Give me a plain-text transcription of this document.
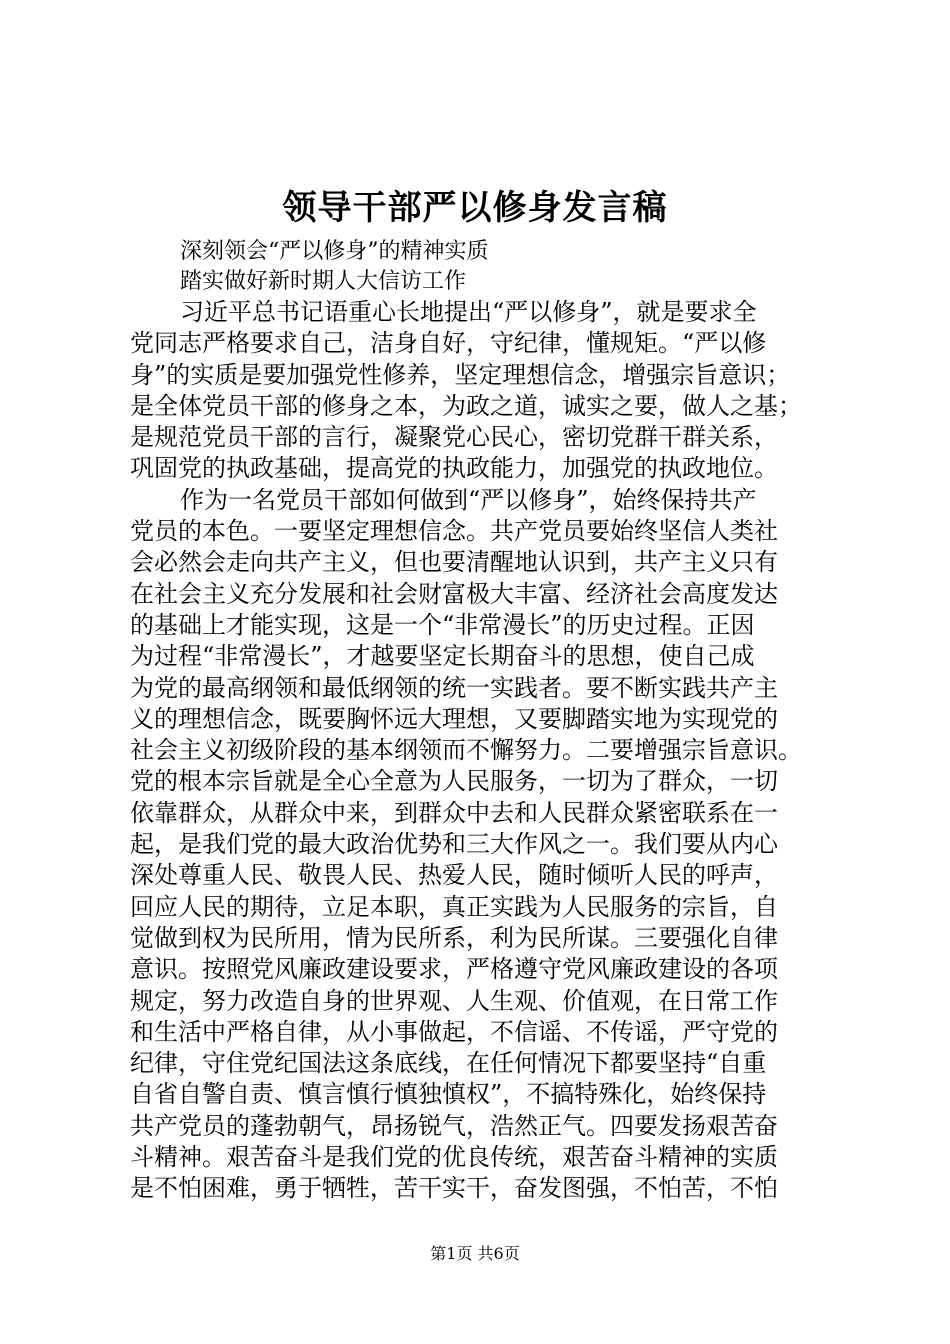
领导干部严以修身发言稿
深刻领会“严以修身”的精神实质
踏实做好新时期人大信访工作
习近平总书记语重心长地提出“严以修身”，就是要求全
党同志严格要求自己，洁身自好，守纪律，懂规矩。“严以修
身”的实质是要加强党性修养，坚定理想信念，增强宗旨意识；
是全体党员干部的修身之本，为政之道，诚实之要，做人之基；
是规范党员干部的言行，凝聚党心民心，密切党群干群关系，
巩固党的执政基础，提高党的执政能力，加强党的执政地位。
作为一名党员干部如何做到“严以修身”，始终保持共产
党员的本色。一要坚定理想信念。共产党员要始终坚信人类社
会必然会走向共产主义，但也要清醒地认识到，共产主义只有
在社会主义充分发展和社会财富极大丰富、经济社会高度发达
的基础上才能实现，这是一个“非常漫长”的历史过程。正因
为过程“非常漫长”，才越要坚定长期奋斗的思想，使自己成
为党的最高纲领和最低纲领的统一实践者。要不断实践共产主
义的理想信念，既要胸怀远大理想，又要脚踏实地为实现党的
社会主义初级阶段的基本纲领而不懈努力。二要增强宗旨意识。
党的根本宗旨就是全心全意为人民服务，一切为了群众，一切
依靠群众，从群众中来，到群众中去和人民群众紧密联系在一
起，是我们党的最大政治优势和三大作风之一。我们要从内心
深处尊重人民、敬畏人民、热爱人民，随时倾听人民的呼声，
回应人民的期待，立足本职，真正实践为人民服务的宗旨，自
觉做到权为民所用，情为民所系，利为民所谋。三要强化自律
意识。按照党风廉政建设要求，严格遵守党风廉政建设的各项
规定，努力改造自身的世界观、人生观、价值观，在日常工作
和生活中严格自律，从小事做起，不信谣、不传谣，严守党的
纪律，守住党纪国法这条底线，在任何情况下都要坚持“自重
自省自警自责、慎言慎行慎独慎权”，不搞特殊化，始终保持
共产党员的蓬勃朝气，昂扬锐气，浩然正气。四要发扬艰苦奋
斗精神。艰苦奋斗是我们党的优良传统，艰苦奋斗精神的实质
是不怕困难，勇于牺牲，苦干实干，奋发图强，不怕苦，不怕
第1页 共6页
